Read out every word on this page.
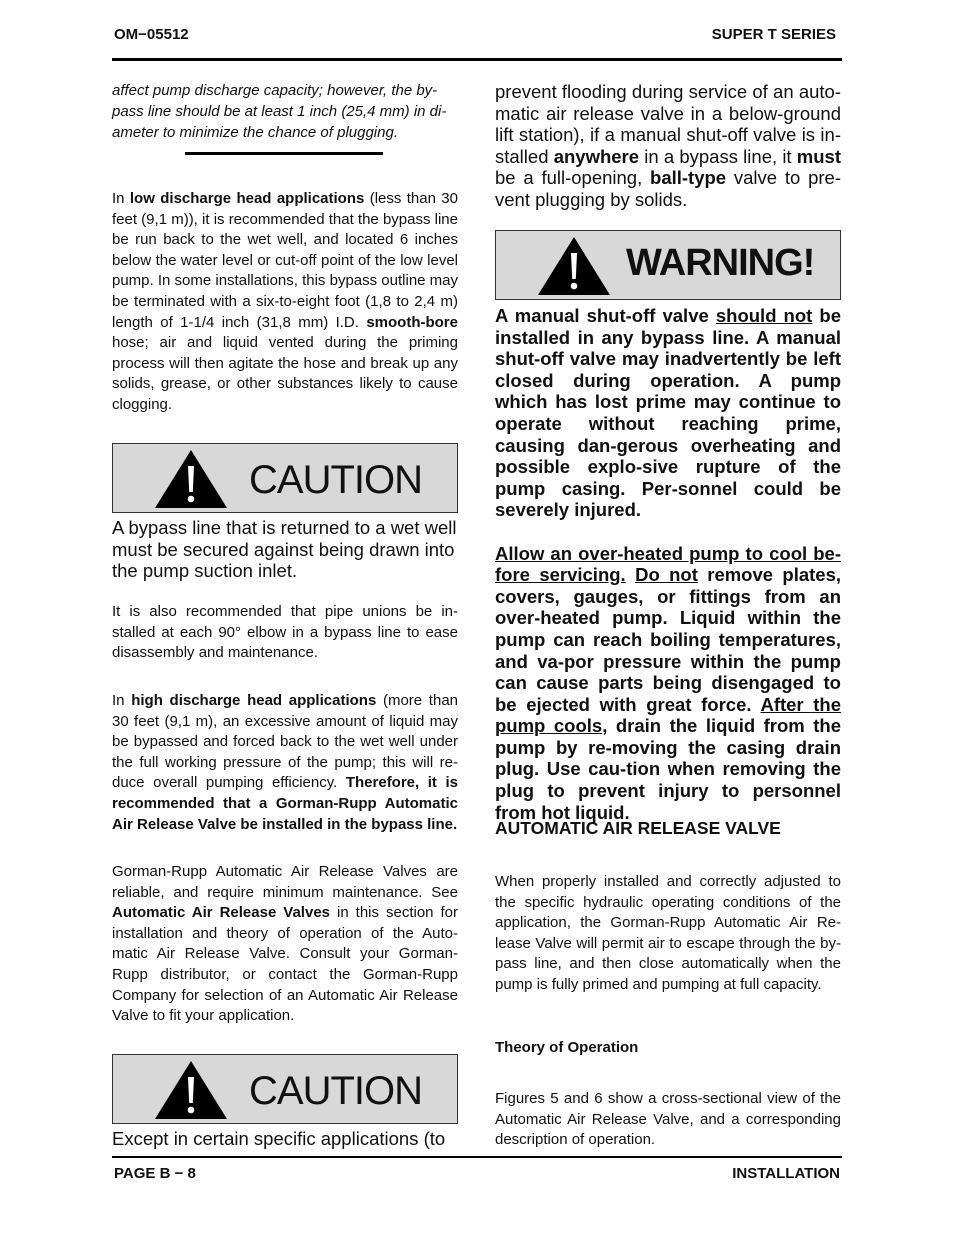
OM−05512	SUPER T SERIES
affect pump discharge capacity; however, the by-pass line should be at least 1 inch (25,4 mm) in di-ameter to minimize the chance of plugging.

In low discharge head applications (less than 30 feet (9,1 m)), it is recommended that the bypass line be run back to the wet well, and located 6 inches below the water level or cut-off point of the low level pump. In some installations, this bypass outline may be terminated with a six-to-eight foot (1,8 to 2,4 m) length of 1-1/4 inch (31,8 mm) I.D. smooth-bore hose; air and liquid vented during the priming process will then agitate the hose and break up any solids, grease, or other substances likely to cause clogging.

CAUTION
A bypass line that is returned to a wet well must be secured against being drawn into the pump suction inlet.
It is also recommended that pipe unions be in-stalled at each 90° elbow in a bypass line to ease disassembly and maintenance.

In high discharge head applications (more than 30 feet (9,1 m), an excessive amount of liquid may be bypassed and forced back to the wet well under the full working pressure of the pump; this will re-duce overall pumping efficiency. Therefore, it is recommended that a Gorman-Rupp Automatic Air Release Valve be installed in the bypass line.

Gorman-Rupp Automatic Air Release Valves are reliable, and require minimum maintenance. See Automatic Air Release Valves in this section for installation and theory of operation of the Auto-matic Air Release Valve. Consult your Gorman-Rupp distributor, or contact the Gorman-Rupp Company for selection of an Automatic Air Release Valve to fit your application.

CAUTION
Except in certain specific applications (to

prevent flooding during service of an auto-matic air release valve in a below-ground lift station), if a manual shut-off valve is in-stalled anywhere in a bypass line, it must be a full-opening, ball-type valve to pre-vent plugging by solids.

WARNING!

A manual shut-off valve should not be installed in any bypass line. A manual shut-off valve may inadvertently be left closed during operation. A pump which has lost prime may continue to operate without reaching prime, causing dan-gerous overheating and possible explo-sive rupture of the pump casing. Per-sonnel could be severely injured.

Allow an over-heated pump to cool be-fore servicing. Do not remove plates, covers, gauges, or fittings from an over-heated pump. Liquid within the pump can reach boiling temperatures, and va-por pressure within the pump can cause parts being disengaged to be ejected with great force. After the pump cools, drain the liquid from the pump by re-moving the casing drain plug. Use cau-tion when removing the plug to prevent injury to personnel from hot liquid.

AUTOMATIC AIR RELEASE VALVE
When properly installed and correctly adjusted to the specific hydraulic operating conditions of the application, the Gorman-Rupp Automatic Air Re-lease Valve will permit air to escape through the by-pass line, and then close automatically when the pump is fully primed and pumping at full capacity.
Theory of Operation
Figures 5 and 6 show a cross-sectional view of the Automatic Air Release Valve, and a corresponding description of operation.
PAGE B − 8	INSTALLATION
